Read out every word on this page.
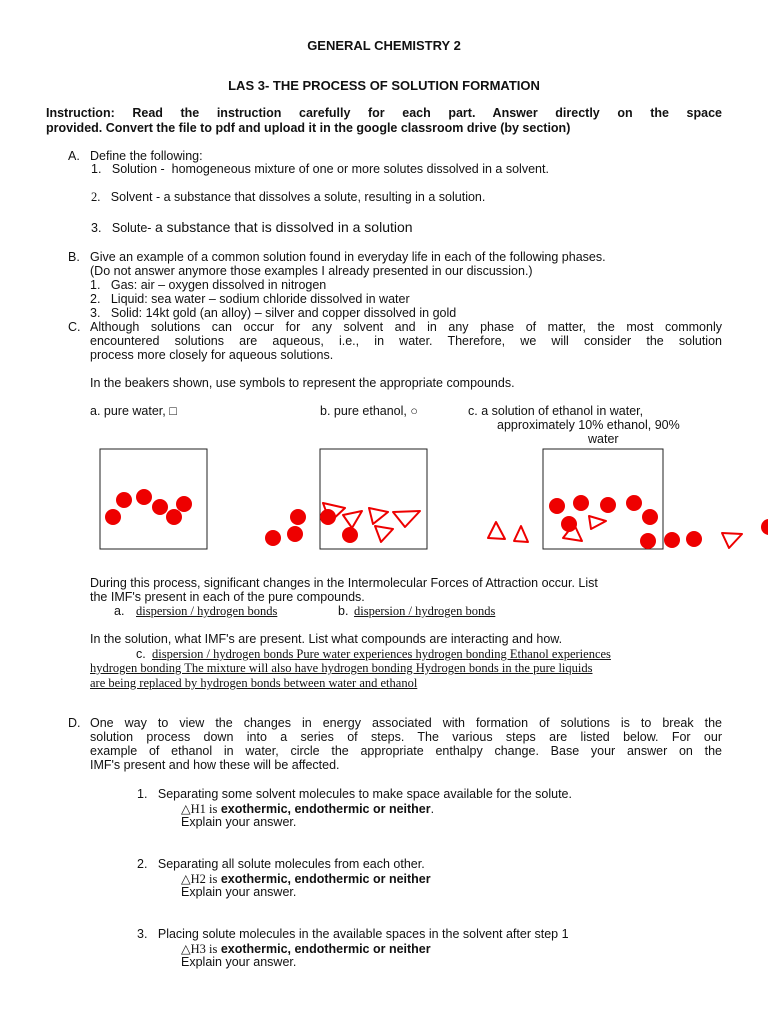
GENERAL CHEMISTRY 2
LAS 3- THE PROCESS OF SOLUTION FORMATION
Instruction: Read the instruction carefully for each part. Answer directly on the space
provided. Convert the file to pdf and upload it in the google classroom drive (by section)
A. Define the following:
1. Solution - homogeneous mixture of one or more solutes dissolved in a solvent.
2. Solvent - a substance that dissolves a solute, resulting in a solution.
3. Solute- a substance that is dissolved in a solution
B. Give an example of a common solution found in everyday life in each of the following phases.
(Do not answer anymore those examples I already presented in our discussion.)
1. Gas: air – oxygen dissolved in nitrogen
2. Liquid: sea water – sodium chloride dissolved in water
3. Solid: 14kt gold (an alloy) – silver and copper dissolved in gold
C. Although solutions can occur for any solvent and in any phase of matter, the most commonly
encountered solutions are aqueous, i.e., in water. Therefore, we will consider the solution
process more closely for aqueous solutions.
In the beakers shown, use symbols to represent the appropriate compounds.
a. pure water, □	b. pure ethanol, ○	c. a solution of ethanol in water,
approximately 10% ethanol, 90%
water
During this process, significant changes in the Intermolecular Forces of Attraction occur. List
the IMF's present in each of the pure compounds.
a. dispersion / hydrogen bonds	b. dispersion / hydrogen bonds
In the solution, what IMF's are present. List what compounds are interacting and how.
c. dispersion / hydrogen bonds Pure water experiences hydrogen bonding Ethanol experiences
hydrogen bonding The mixture will also have hydrogen bonding Hydrogen bonds in the pure liquids
are being replaced by hydrogen bonds between water and ethanol
D. One way to view the changes in energy associated with formation of solutions is to break the
solution process down into a series of steps. The various steps are listed below. For our
example of ethanol in water, circle the appropriate enthalpy change. Base your answer on the
IMF's present and how these will be affected.
1. Separating some solvent molecules to make space available for the solute.
△H1 is exothermic, endothermic or neither.
Explain your answer.
2. Separating all solute molecules from each other.
△H2 is exothermic, endothermic or neither
Explain your answer.
3. Placing solute molecules in the available spaces in the solvent after step 1
△H3 is exothermic, endothermic or neither
Explain your answer.
